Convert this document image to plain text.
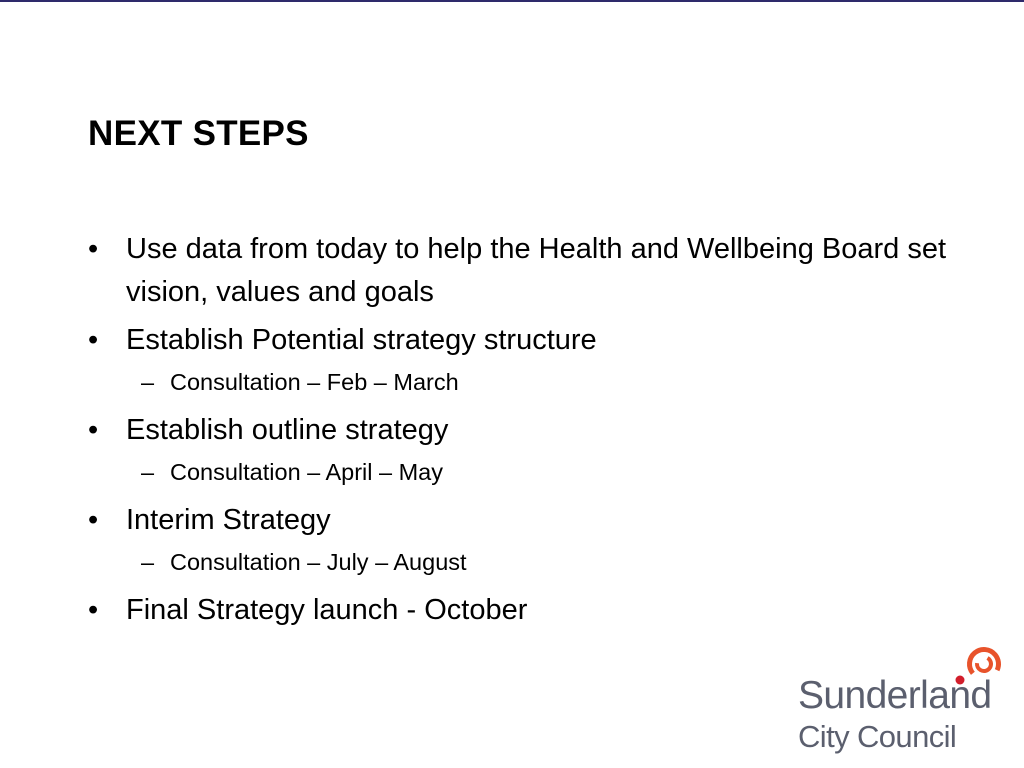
NEXT STEPS
• Use data from today to help the Health and Wellbeing Board set vision, values and goals
• Establish Potential strategy structure
– Consultation – Feb – March
• Establish outline strategy
– Consultation – April – May
• Interim Strategy
– Consultation – July – August
• Final Strategy launch - October
Sunderland
City Council
